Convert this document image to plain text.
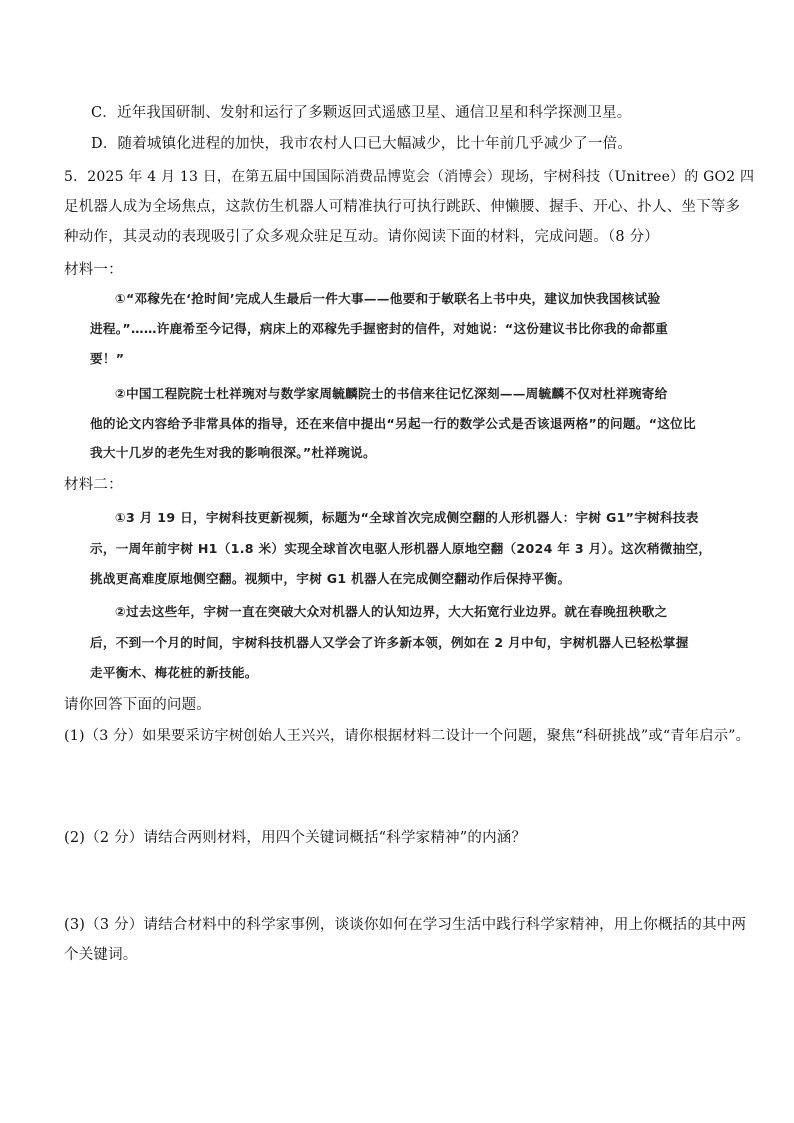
C．近年我国研制、发射和运行了多颗返回式遥感卫星、通信卫星和科学探测卫星。
D．随着城镇化进程的加快，我市农村人口已大幅减少，比十年前几乎减少了一倍。
5．2025 年 4 月 13 日，在第五届中国国际消费品博览会（消博会）现场，宇树科技（Unitree）的 GO2 四
足机器人成为全场焦点，这款仿生机器人可精准执行可执行跳跃、伸懒腰、握手、开心、扑人、坐下等多
种动作，其灵动的表现吸引了众多观众驻足互动。请你阅读下面的材料，完成问题。（8 分）
材料一：
①“邓稼先在‘抢时间’完成人生最后一件大事——他要和于敏联名上书中央，建议加快我国核试验
进程。”……许鹿希至今记得，病床上的邓稼先手握密封的信件，对她说：“这份建议书比你我的命都重
要！”
②中国工程院院士杜祥琬对与数学家周毓麟院士的书信来往记忆深刻——周毓麟不仅对杜祥琬寄给
他的论文内容给予非常具体的指导，还在来信中提出“另起一行的数学公式是否该退两格”的问题。“这位比
我大十几岁的老先生对我的影响很深。”杜祥琬说。
材料二：
①3 月 19 日，宇树科技更新视频，标题为“全球首次完成侧空翻的人形机器人：宇树 G1”宇树科技表
示，一周年前宇树 H1（1.8 米）实现全球首次电驱人形机器人原地空翻（2024 年 3 月）。这次稍微抽空，
挑战更高难度原地侧空翻。视频中，宇树 G1 机器人在完成侧空翻动作后保持平衡。
②过去这些年，宇树一直在突破大众对机器人的认知边界，大大拓宽行业边界。就在春晚扭秧歌之
后，不到一个月的时间，宇树科技机器人又学会了许多新本领，例如在 2 月中旬，宇树机器人已轻松掌握
走平衡木、梅花桩的新技能。
请你回答下面的问题。
(1)（3 分）如果要采访宇树创始人王兴兴，请你根据材料二设计一个问题，聚焦“科研挑战”或“青年启示”。
(2)（2 分）请结合两则材料，用四个关键词概括“科学家精神”的内涵？
(3)（3 分）请结合材料中的科学家事例，谈谈你如何在学习生活中践行科学家精神，用上你概括的其中两
个关键词。
